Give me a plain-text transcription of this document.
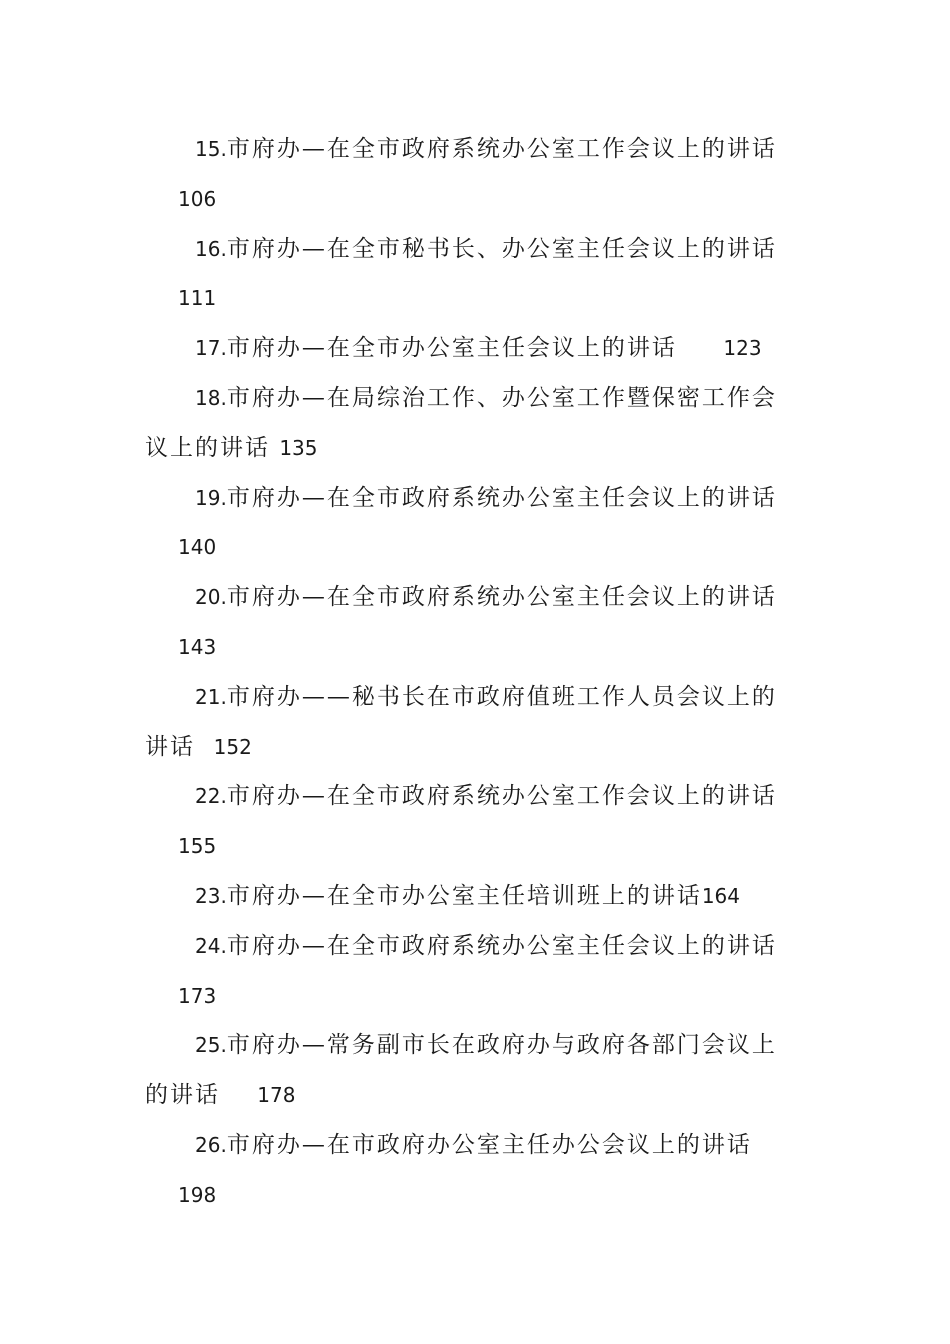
15.市府办—在全市政府系统办公室工作会议上的讲话
106
16.市府办—在全市秘书长、办公室主任会议上的讲话
111
17.市府办—在全市办公室主任会议上的讲话 123
18.市府办—在局综治工作、办公室工作暨保密工作会
议上的讲话 135
19.市府办—在全市政府系统办公室主任会议上的讲话
140
20.市府办—在全市政府系统办公室主任会议上的讲话
143
21.市府办——秘书长在市政府值班工作人员会议上的
讲话 152
22.市府办—在全市政府系统办公室工作会议上的讲话
155
23.市府办—在全市办公室主任培训班上的讲话164
24.市府办—在全市政府系统办公室主任会议上的讲话
173
25.市府办—常务副市长在政府办与政府各部门会议上
的讲话 178
26.市府办—在市政府办公室主任办公会议上的讲话
198
